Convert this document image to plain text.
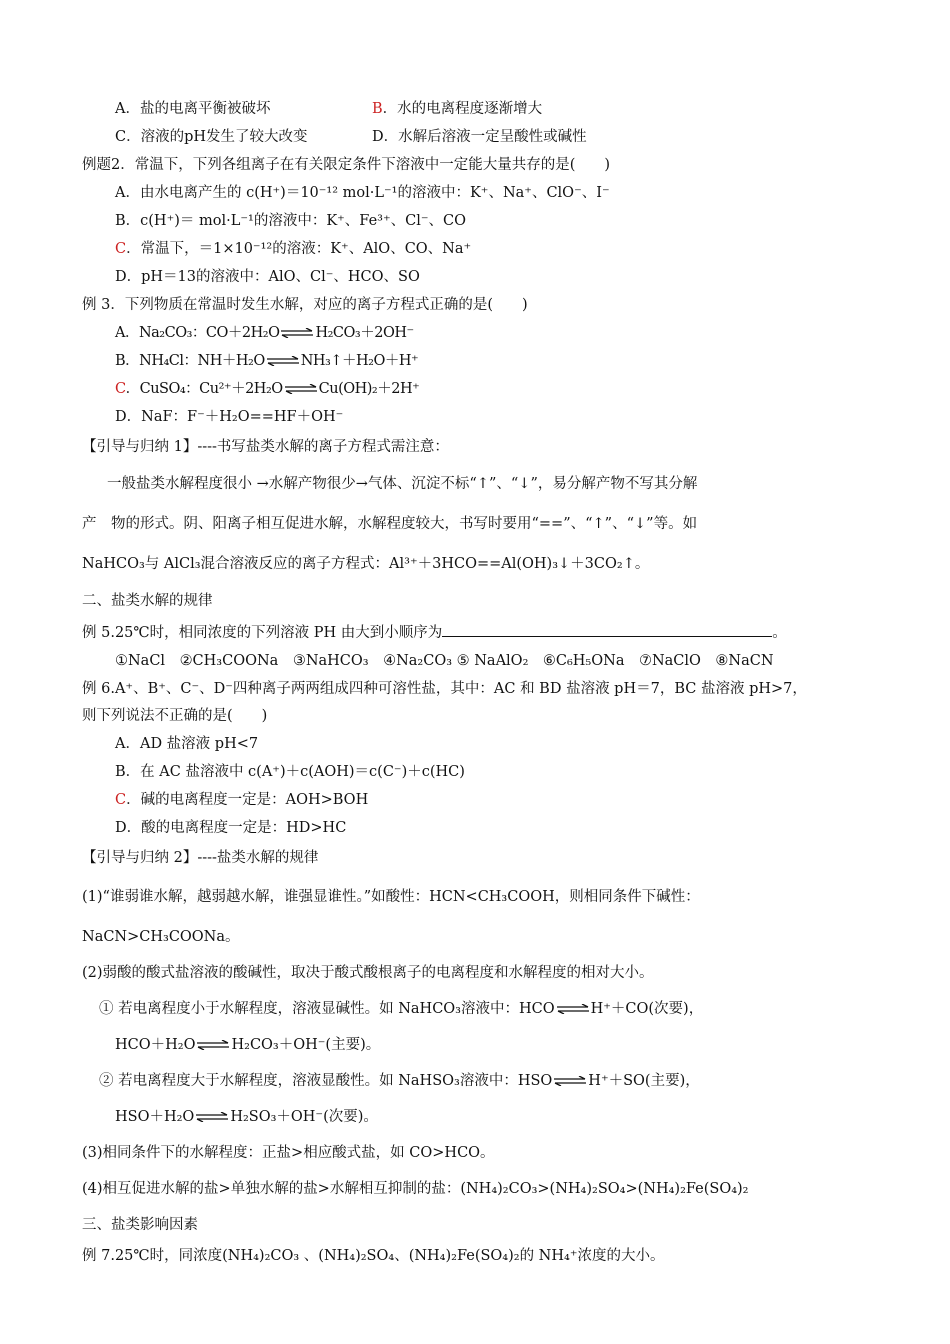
A．盐的电离平衡被破坏	B．水的电离程度逐渐增大
C．溶液的pH发生了较大改变	D．水解后溶液一定呈酸性或碱性
例题2．常温下，下列各组离子在有关限定条件下溶液中一定能大量共存的是(　　)
A．由水电离产生的 c(H⁺)＝10⁻¹² mol·L⁻¹的溶液中：K⁺、Na⁺、ClO⁻、I⁻
B．c(H⁺)＝ mol·L⁻¹的溶液中：K⁺、Fe³⁺、Cl⁻、CO
C．常温下，＝1×10⁻¹²的溶液：K⁺、AlO、CO、Na⁺
D．pH＝13的溶液中：AlO、Cl⁻、HCO、SO
例 3．下列物质在常温时发生水解，对应的离子方程式正确的是(　　)
A．Na₂CO₃：CO＋2H₂O⇌H₂CO₃＋2OH⁻
B．NH₄Cl：NH＋H₂O⇌NH₃↑＋H₂O＋H⁺
C．CuSO₄：Cu²⁺＋2H₂O⇌Cu(OH)₂＋2H⁺
D．NaF：F⁻＋H₂O==HF＋OH⁻
【引导与归纳 1】----书写盐类水解的离子方程式需注意：
一般盐类水解程度很小 →水解产物很少→气体、沉淀不标“↑”、“↓”，易分解产物不写其分解
产　物的形式。阴、阳离子相互促进水解，水解程度较大，书写时要用“==”、“↑”、“↓”等。如
NaHCO₃与 AlCl₃混合溶液反应的离子方程式：Al³⁺＋3HCO==Al(OH)₃↓＋3CO₂↑。
二、盐类水解的规律
例 5.25℃时，相同浓度的下列溶液 PH 由大到小顺序为	。
①NaCl　②CH₃COONa　③NaHCO₃　④Na₂CO₃ ⑤ NaAlO₂　⑥C₆H₅ONa　⑦NaClO　⑧NaCN
例 6.A⁺、B⁺、C⁻、D⁻四种离子两两组成四种可溶性盐，其中：AC 和 BD 盐溶液 pH＝7，BC 盐溶液 pH>7，
则下列说法不正确的是(　　)
A．AD 盐溶液 pH<7
B．在 AC 盐溶液中 c(A⁺)＋c(AOH)＝c(C⁻)＋c(HC)
C．碱的电离程度一定是：AOH>BOH
D．酸的电离程度一定是：HD>HC
【引导与归纳 2】----盐类水解的规律
(1)“谁弱谁水解，越弱越水解，谁强显谁性。”如酸性：HCN<CH₃COOH，则相同条件下碱性：
NaCN>CH₃COONa。
(2)弱酸的酸式盐溶液的酸碱性，取决于酸式酸根离子的电离程度和水解程度的相对大小。
① 若电离程度小于水解程度，溶液显碱性。如 NaHCO₃溶液中：HCO⇌H⁺＋CO(次要)，
HCO＋H₂O⇌H₂CO₃＋OH⁻(主要)。
② 若电离程度大于水解程度，溶液显酸性。如 NaHSO₃溶液中：HSO⇌H⁺＋SO(主要)，
HSO＋H₂O⇌H₂SO₃＋OH⁻(次要)。
(3)相同条件下的水解程度：正盐>相应酸式盐，如 CO>HCO。
(4)相互促进水解的盐>单独水解的盐>水解相互抑制的盐：(NH₄)₂CO₃>(NH₄)₂SO₄>(NH₄)₂Fe(SO₄)₂
三、盐类影响因素
例 7.25℃时，同浓度(NH₄)₂CO₃ 、(NH₄)₂SO₄、(NH₄)₂Fe(SO₄)₂的 NH₄⁺浓度的大小。
